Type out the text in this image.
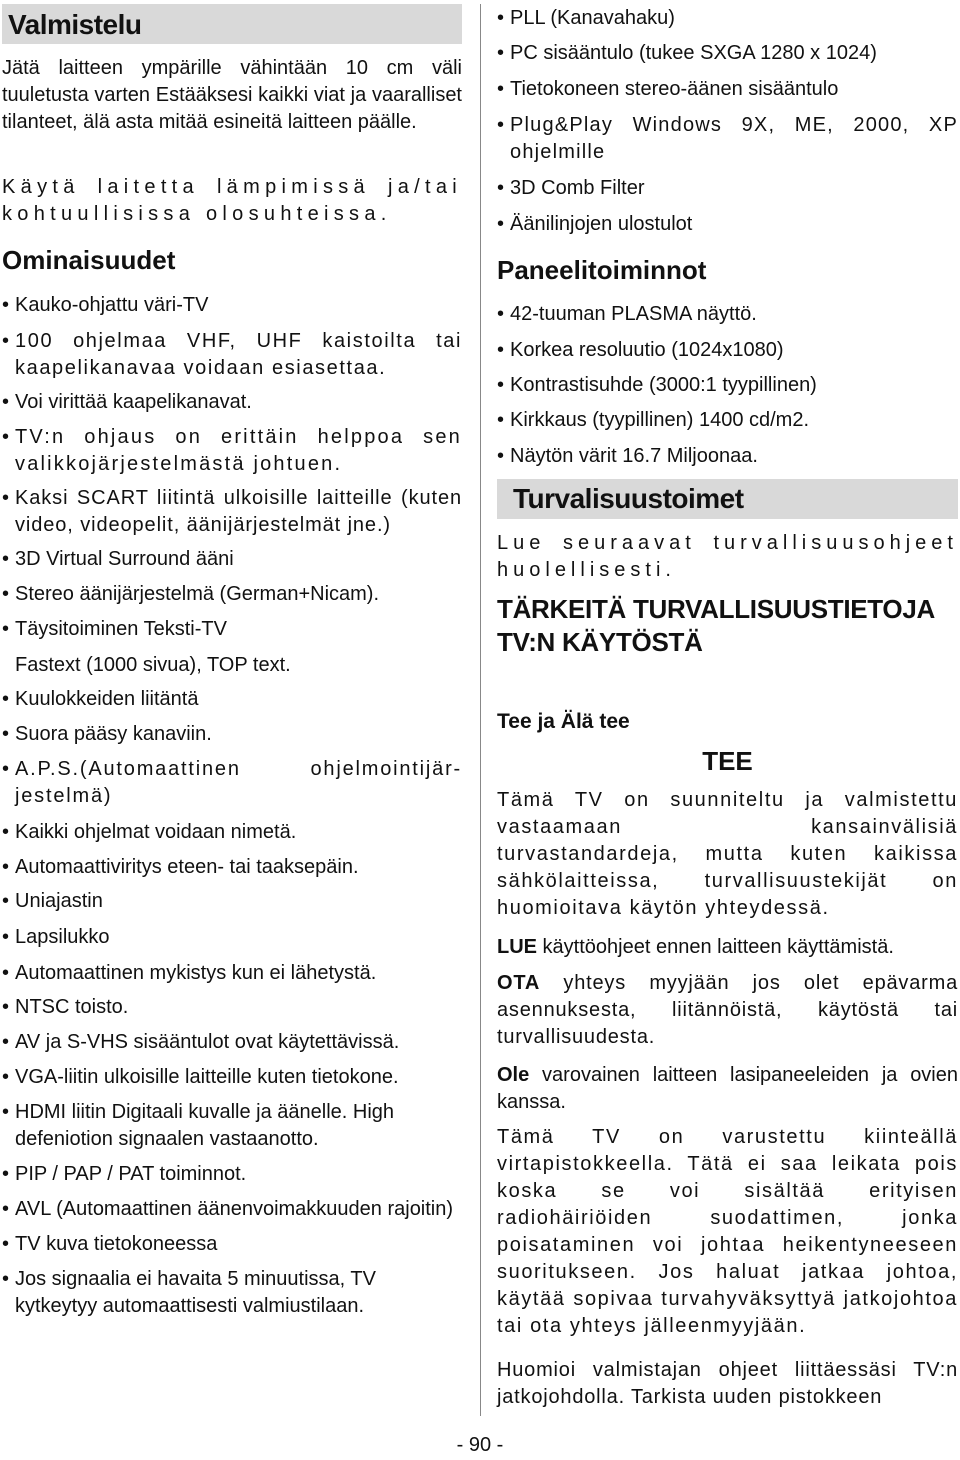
Valmistelu

Jätä laitteen ympärille vähintään 10 cm väli tuuletusta varten Estääksesi kaikki viat ja vaaralliset tilanteet, älä asta mitää esineitä laitteen päälle.

Käytä laitetta lämpimissä ja/tai kohtuullisissa olosuhteissa.

Ominaisuudet
• Kauko-ohjattu väri-TV
• 100 ohjelmaa VHF, UHF kaistoilta tai kaapelikanavaa voidaan esiasettaa.
• Voi virittää kaapelikanavat.
• TV:n ohjaus on erittäin helppoa sen valikkojärjestelmästä johtuen.
• Kaksi SCART liitintä ulkoisille laitteille (kuten video, videopelit, äänijärjestelmät jne.)
• 3D Virtual Surround ääni
• Stereo äänijärjestelmä (German+Nicam).
• Täysitoiminen Teksti-TV
Fastext (1000 sivua), TOP text.
• Kuulokkeiden liitäntä
• Suora pääsy kanaviin.
• A.P.S.(Automaattinen ohjelmointijär-jestelmä)
• Kaikki ohjelmat voidaan nimetä.
• Automaattiviritys eteen- tai taaksepäin.
• Uniajastin
• Lapsilukko
• Automaattinen mykistys kun ei lähetystä.
• NTSC toisto.
• AV ja S-VHS sisääntulot ovat käytettävissä.
• VGA-liitin ulkoisille laitteille kuten tietokone.
• HDMI liitin Digitaali kuvalle ja äänelle. High defeniotion signaalen vastaanotto.
• PIP / PAP / PAT toiminnot.
• AVL (Automaattinen äänenvoimakkuuden rajoitin)
• TV kuva tietokoneessa
• Jos signaalia ei havaita 5 minuutissa, TV kytkeytyy automaattisesti valmiustilaan.
• PLL (Kanavahaku)
• PC sisääntulo (tukee SXGA 1280 x 1024)
• Tietokoneen stereo-äänen sisääntulo
• Plug&Play Windows 9X, ME, 2000, XP ohjelmille
• 3D Comb Filter
• Äänilinjojen ulostulot
Paneelitoiminnot
• 42-tuuman PLASMA näyttö.
• Korkea resoluutio (1024x1080)
• Kontrastisuhde (3000:1 tyypillinen)
• Kirkkaus (tyypillinen) 1400 cd/m2.
• Näytön värit 16.7 Miljoonaa.
Turvalisuustoimet

Lue seuraavat turvallisuusohjeet huolellisesti.

TÄRKEITÄ TURVALLISUUSTIETOJA TV:N KÄYTÖSTÄ
Tee ja Älä tee
TEE

Tämä TV on suunniteltu ja valmistettu vastaamaan kansainvälisiä turvastandardeja, mutta kuten kaikissa sähkölaitteissa, turvallisuustekijät on huomioitava käytön yhteydessä.

LUE käyttöohjeet ennen laitteen käyttämistä.

OTA yhteys myyjään jos olet epävarma asennuksesta, liitännöistä, käytöstä tai turvallisuudesta.

Ole varovainen laitteen lasipaneeleiden ja ovien kanssa.

Tämä TV on varustettu kiinteällä virtapistokkeella. Tätä ei saa leikata pois koska se voi sisältää erityisen radiohäiriöiden suodattimen, jonka poisataminen voi johtaa heikentyneeseen suoritukseen. Jos haluat jatkaa johtoa, käytää sopivaa turvahyväksyttyä jatkojohtoa tai ota yhteys jälleenmyyjään.

Huomioi valmistajan ohjeet liittäessäsi TV:n jatkojohdolla. Tarkista uuden pistokkeen

- 90 -
